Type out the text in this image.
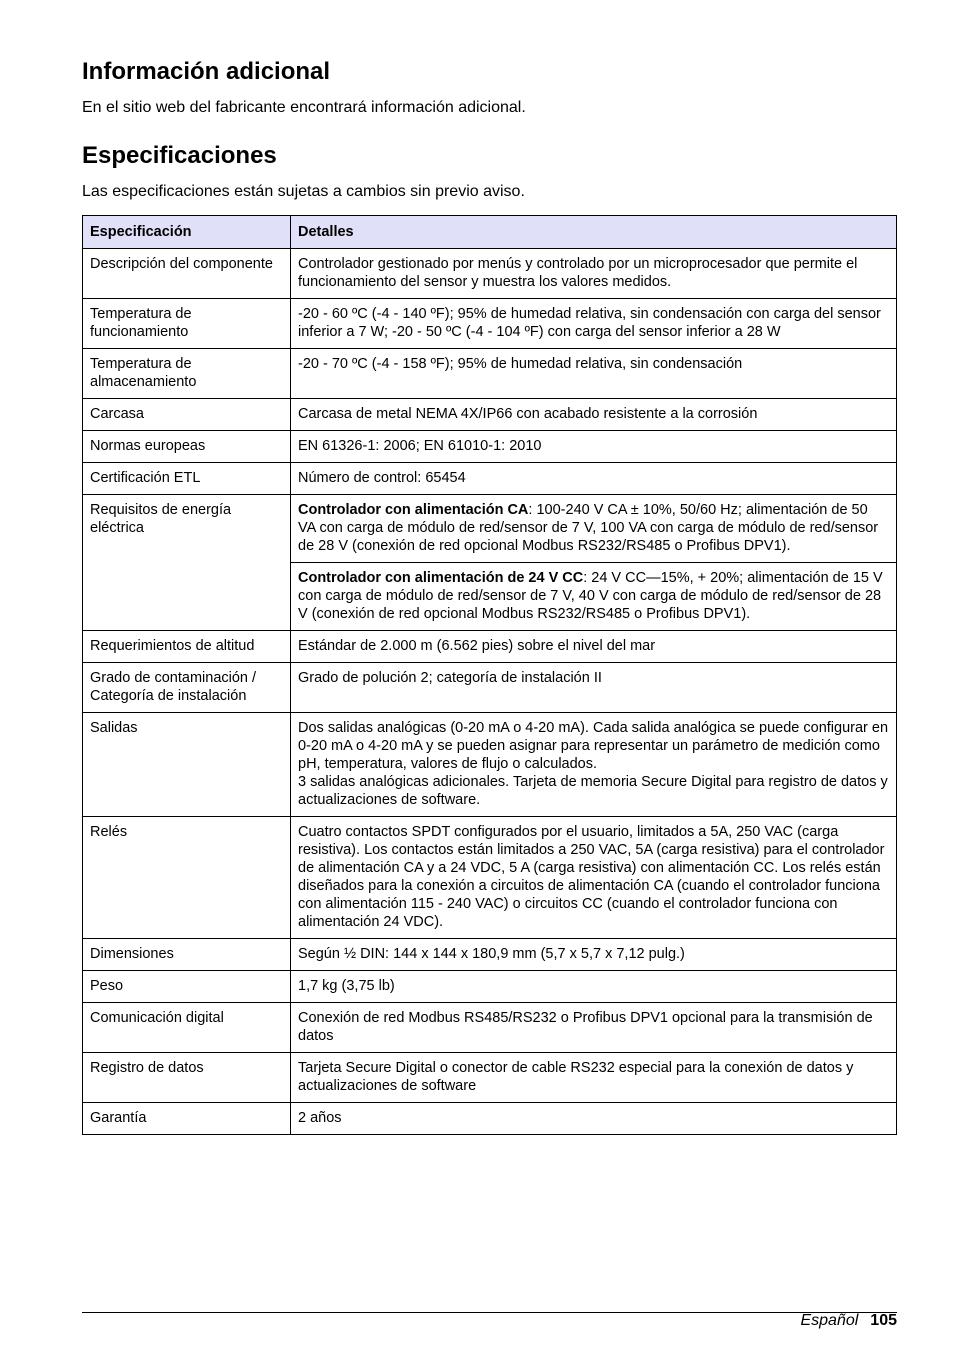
Información adicional
En el sitio web del fabricante encontrará información adicional.
Especificaciones
Las especificaciones están sujetas a cambios sin previo aviso.
Especificación	Detalles
Descripción del componente	Controlador gestionado por menús y controlado por un microprocesador que permite el funcionamiento del sensor y muestra los valores medidos.
Temperatura de funcionamiento	-20 - 60 ºC (-4 - 140 ºF); 95% de humedad relativa, sin condensación con carga del sensor inferior a 7 W; -20 - 50 ºC (-4 - 104 ºF) con carga del sensor inferior a 28 W
Temperatura de almacenamiento	-20 - 70 ºC (-4 - 158 ºF); 95% de humedad relativa, sin condensación
Carcasa	Carcasa de metal NEMA 4X/IP66 con acabado resistente a la corrosión
Normas europeas	EN 61326-1: 2006; EN 61010-1: 2010
Certificación ETL	Número de control: 65454
Requisitos de energía eléctrica	Controlador con alimentación CA: 100-240 V CA ± 10%, 50/60 Hz; alimentación de 50 VA con carga de módulo de red/sensor de 7 V, 100 VA con carga de módulo de red/sensor de 28 V (conexión de red opcional Modbus RS232/RS485 o Profibus DPV1).
	Controlador con alimentación de 24 V CC: 24 V CC—15%, + 20%; alimentación de 15 V con carga de módulo de red/sensor de 7 V, 40 V con carga de módulo de red/sensor de 28 V (conexión de red opcional Modbus RS232/RS485 o Profibus DPV1).
Requerimientos de altitud	Estándar de 2.000 m (6.562 pies) sobre el nivel del mar
Grado de contaminación / Categoría de instalación	Grado de polución 2; categoría de instalación II
Salidas	Dos salidas analógicas (0-20 mA o 4-20 mA). Cada salida analógica se puede configurar en 0-20 mA o 4-20 mA y se pueden asignar para representar un parámetro de medición como pH, temperatura, valores de flujo o calculados.
3 salidas analógicas adicionales. Tarjeta de memoria Secure Digital para registro de datos y actualizaciones de software.

Relés	Cuatro contactos SPDT configurados por el usuario, limitados a 5A, 250 VAC (carga resistiva). Los contactos están limitados a 250 VAC, 5A (carga resistiva) para el controlador de alimentación CA y a 24 VDC, 5 A (carga resistiva) con alimentación CC. Los relés están diseñados para la conexión a circuitos de alimentación CA (cuando el controlador funciona con alimentación 115 - 240 VAC) o circuitos CC (cuando el controlador funciona con alimentación 24 VDC).
Dimensiones	Según ½ DIN: 144 x 144 x 180,9 mm (5,7 x 5,7 x 7,12 pulg.)
Peso	1,7 kg (3,75 lb)
Comunicación digital	Conexión de red Modbus RS485/RS232 o Profibus DPV1 opcional para la transmisión de datos
Registro de datos	Tarjeta Secure Digital o conector de cable RS232 especial para la conexión de datos y actualizaciones de software
Garantía	2 años
Español 105
